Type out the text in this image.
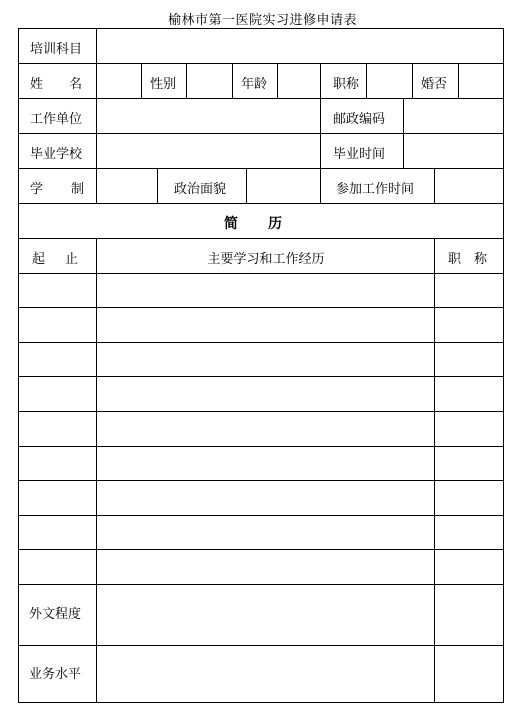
榆林市第一医院实习进修申请表
培训科目
姓名	性别	年龄	职称	婚否
工作单位	邮政编码
毕业学校	毕业时间
学制	政治面貌	参加工作时间
简历
起止	主要学习和工作经历	职称
外文程度
业务水平
